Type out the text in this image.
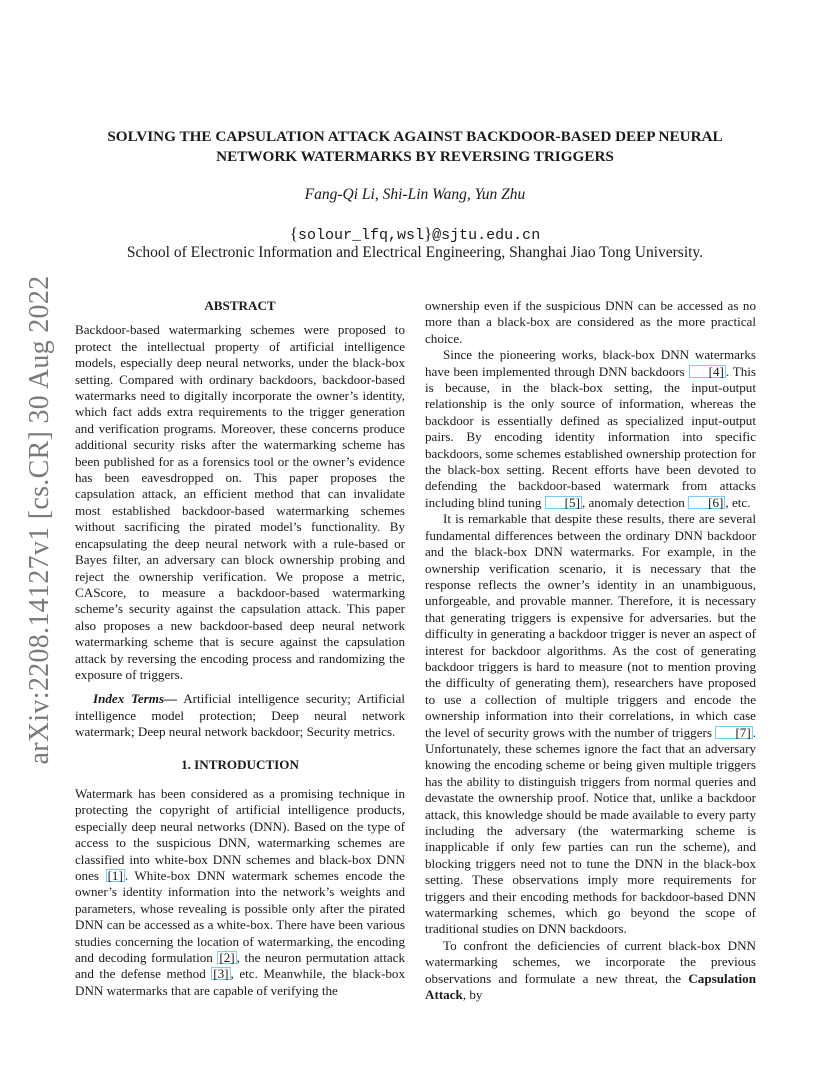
arXiv:2208.14127v1 [cs.CR] 30 Aug 2022
SOLVING THE CAPSULATION ATTACK AGAINST BACKDOOR-BASED DEEP NEURAL
NETWORK WATERMARKS BY REVERSING TRIGGERS
Fang-Qi Li, Shi-Lin Wang, Yun Zhu
{solour_lfq,wsl}@sjtu.edu.cn
School of Electronic Information and Electrical Engineering, Shanghai Jiao Tong University.
ABSTRACT

Backdoor-based watermarking schemes were proposed to protect the intellectual property of artificial intelligence models, especially deep neural networks, under the black-box setting. Compared with ordinary backdoors, backdoor-based watermarks need to digitally incorporate the owner’s identity, which fact adds extra requirements to the trigger generation and verification programs. Moreover, these concerns produce additional security risks after the watermarking scheme has been published for as a forensics tool or the owner’s evidence has been eavesdropped on. This paper proposes the capsulation attack, an efficient method that can invalidate most established backdoor-based watermarking schemes without sacrificing the pirated model’s functionality. By encapsulating the deep neural network with a rule-based or Bayes filter, an adversary can block ownership probing and reject the ownership verification. We propose a metric, CAScore, to measure a backdoor-based watermarking scheme’s security against the capsulation attack. This paper also proposes a new backdoor-based deep neural network watermarking scheme that is secure against the capsulation attack by reversing the encoding process and randomizing the exposure of triggers.

Index Terms— Artificial intelligence security; Artificial intelligence model protection; Deep neural network watermark; Deep neural network backdoor; Security metrics.

1. INTRODUCTION

Watermark has been considered as a promising technique in protecting the copyright of artificial intelligence products, especially deep neural networks (DNN). Based on the type of access to the suspicious DNN, watermarking schemes are classified into white-box DNN schemes and black-box DNN ones [1] . White-box DNN watermark schemes encode the owner’s identity information into the network’s weights and parameters, whose revealing is possible only after the pirated DNN can be accessed as a white-box. There have been various studies concerning the location of watermarking, the encoding and decoding formulation [2] , the neuron permutation attack and the defense method [3] , etc. Meanwhile, the black-box DNN watermarks that are capable of verifying the

ownership even if the suspicious DNN can be accessed as no more than a black-box are considered as the more practical choice.

Since the pioneering works, black-box DNN watermarks have been implemented through DNN backdoors [4] . This is because, in the black-box setting, the input-output relationship is the only source of information, whereas the backdoor is essentially defined as specialized input-output pairs. By encoding identity information into specific backdoors, some schemes established ownership protection for the black-box setting. Recent efforts have been devoted to defending the backdoor-based watermark from attacks including blind tuning [5] , anomaly detection [6] , etc.

It is remarkable that despite these results, there are several fundamental differences between the ordinary DNN backdoor and the black-box DNN watermarks. For example, in the ownership verification scenario, it is necessary that the response reflects the owner’s identity in an unambiguous, unforgeable, and provable manner. Therefore, it is necessary that generating triggers is expensive for adversaries. but the difficulty in generating a backdoor trigger is never an aspect of interest for backdoor algorithms. As the cost of generating backdoor triggers is hard to measure (not to mention proving the difficulty of generating them), researchers have proposed to use a collection of multiple triggers and encode the ownership information into their correlations, in which case the level of security grows with the number of triggers [7] . Unfortunately, these schemes ignore the fact that an adversary knowing the encoding scheme or being given multiple triggers has the ability to distinguish triggers from normal queries and devastate the ownership proof. Notice that, unlike a backdoor attack, this knowledge should be made available to every party including the adversary (the watermarking scheme is inapplicable if only few parties can run the scheme), and blocking triggers need not to tune the DNN in the black-box setting. These observations imply more requirements for triggers and their encoding methods for backdoor-based DNN watermarking schemes, which go beyond the scope of traditional studies on DNN backdoors.

To confront the deficiencies of current black-box DNN watermarking schemes, we incorporate the previous observations and formulate a new threat, the Capsulation Attack, by
